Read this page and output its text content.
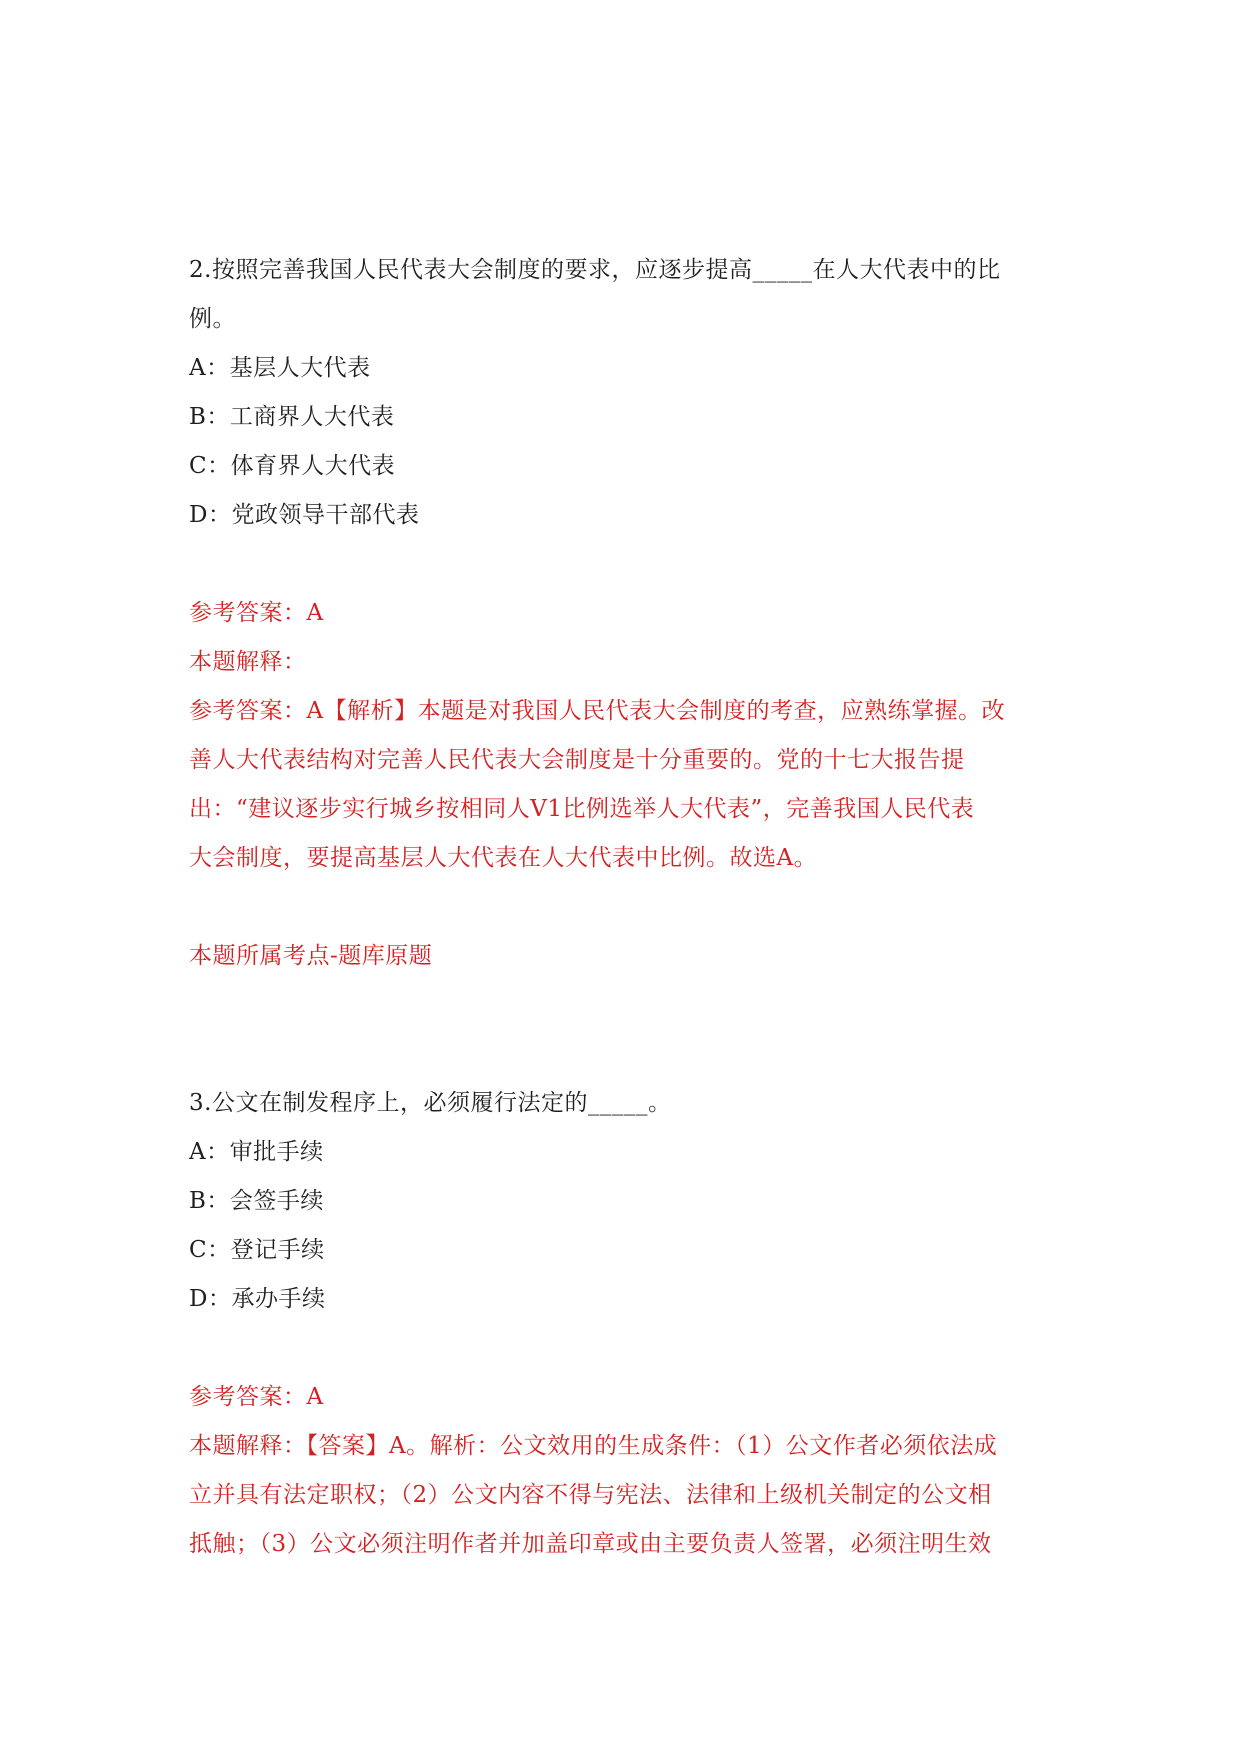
2.按照完善我国人民代表大会制度的要求，应逐步提高_____在人大代表中的比
例。
A：基层人大代表
B：工商界人大代表
C：体育界人大代表
D：党政领导干部代表
参考答案：A
本题解释：
参考答案：A【解析】本题是对我国人民代表大会制度的考查，应熟练掌握。改
善人大代表结构对完善人民代表大会制度是十分重要的。党的十七大报告提
出：“建议逐步实行城乡按相同人V1比例选举人大代表”，完善我国人民代表
大会制度，要提高基层人大代表在人大代表中比例。故选A。
本题所属考点-题库原题
3.公文在制发程序上，必须履行法定的_____。
A：审批手续
B：会签手续
C：登记手续
D：承办手续
参考答案：A
本题解释：【答案】A。解析：公文效用的生成条件：（1）公文作者必须依法成
立并具有法定职权；（2）公文内容不得与宪法、法律和上级机关制定的公文相
抵触；（3）公文必须注明作者并加盖印章或由主要负责人签署，必须注明生效
